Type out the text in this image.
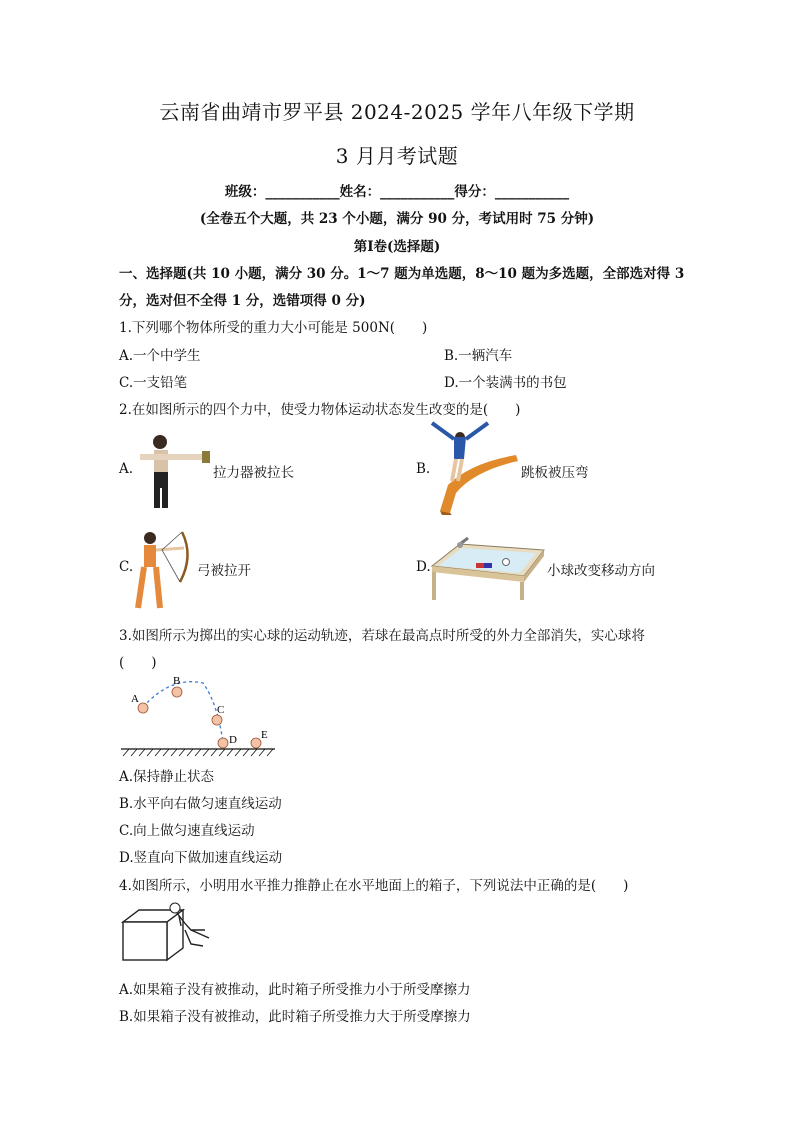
云南省曲靖市罗平县 2024-2025 学年八年级下学期
3 月月考试题
班级：___________姓名：___________得分：___________
(全卷五个大题，共 23 个小题，满分 90 分，考试用时 75 分钟)
第Ⅰ卷(选择题)
一、选择题(共 10 小题，满分 30 分。1～7 题为单选题，8～10 题为多选题，全部选对得 3
分，选对但不全得 1 分，选错项得 0 分)
1.下列哪个物体所受的重力大小可能是 500N(　　)
A.一个中学生	B.一辆汽车
C.一支铅笔	D.一个装满书的书包
2.在如图所示的四个力中，使受力物体运动状态发生改变的是(　　)
A.	拉力器被拉长	B.	跳板被压弯
C.	弓被拉开	D.	小球改变移动方向
3.如图所示为掷出的实心球的运动轨迹，若球在最高点时所受的外力全部消失，实心球将
(　　)
A
B
C
D E
A.保持静止状态
B.水平向右做匀速直线运动
C.向上做匀速直线运动
D.竖直向下做加速直线运动
4.如图所示，小明用水平推力推静止在水平地面上的箱子，下列说法中正确的是(　　)
A.如果箱子没有被推动，此时箱子所受推力小于所受摩擦力
B.如果箱子没有被推动，此时箱子所受推力大于所受摩擦力
